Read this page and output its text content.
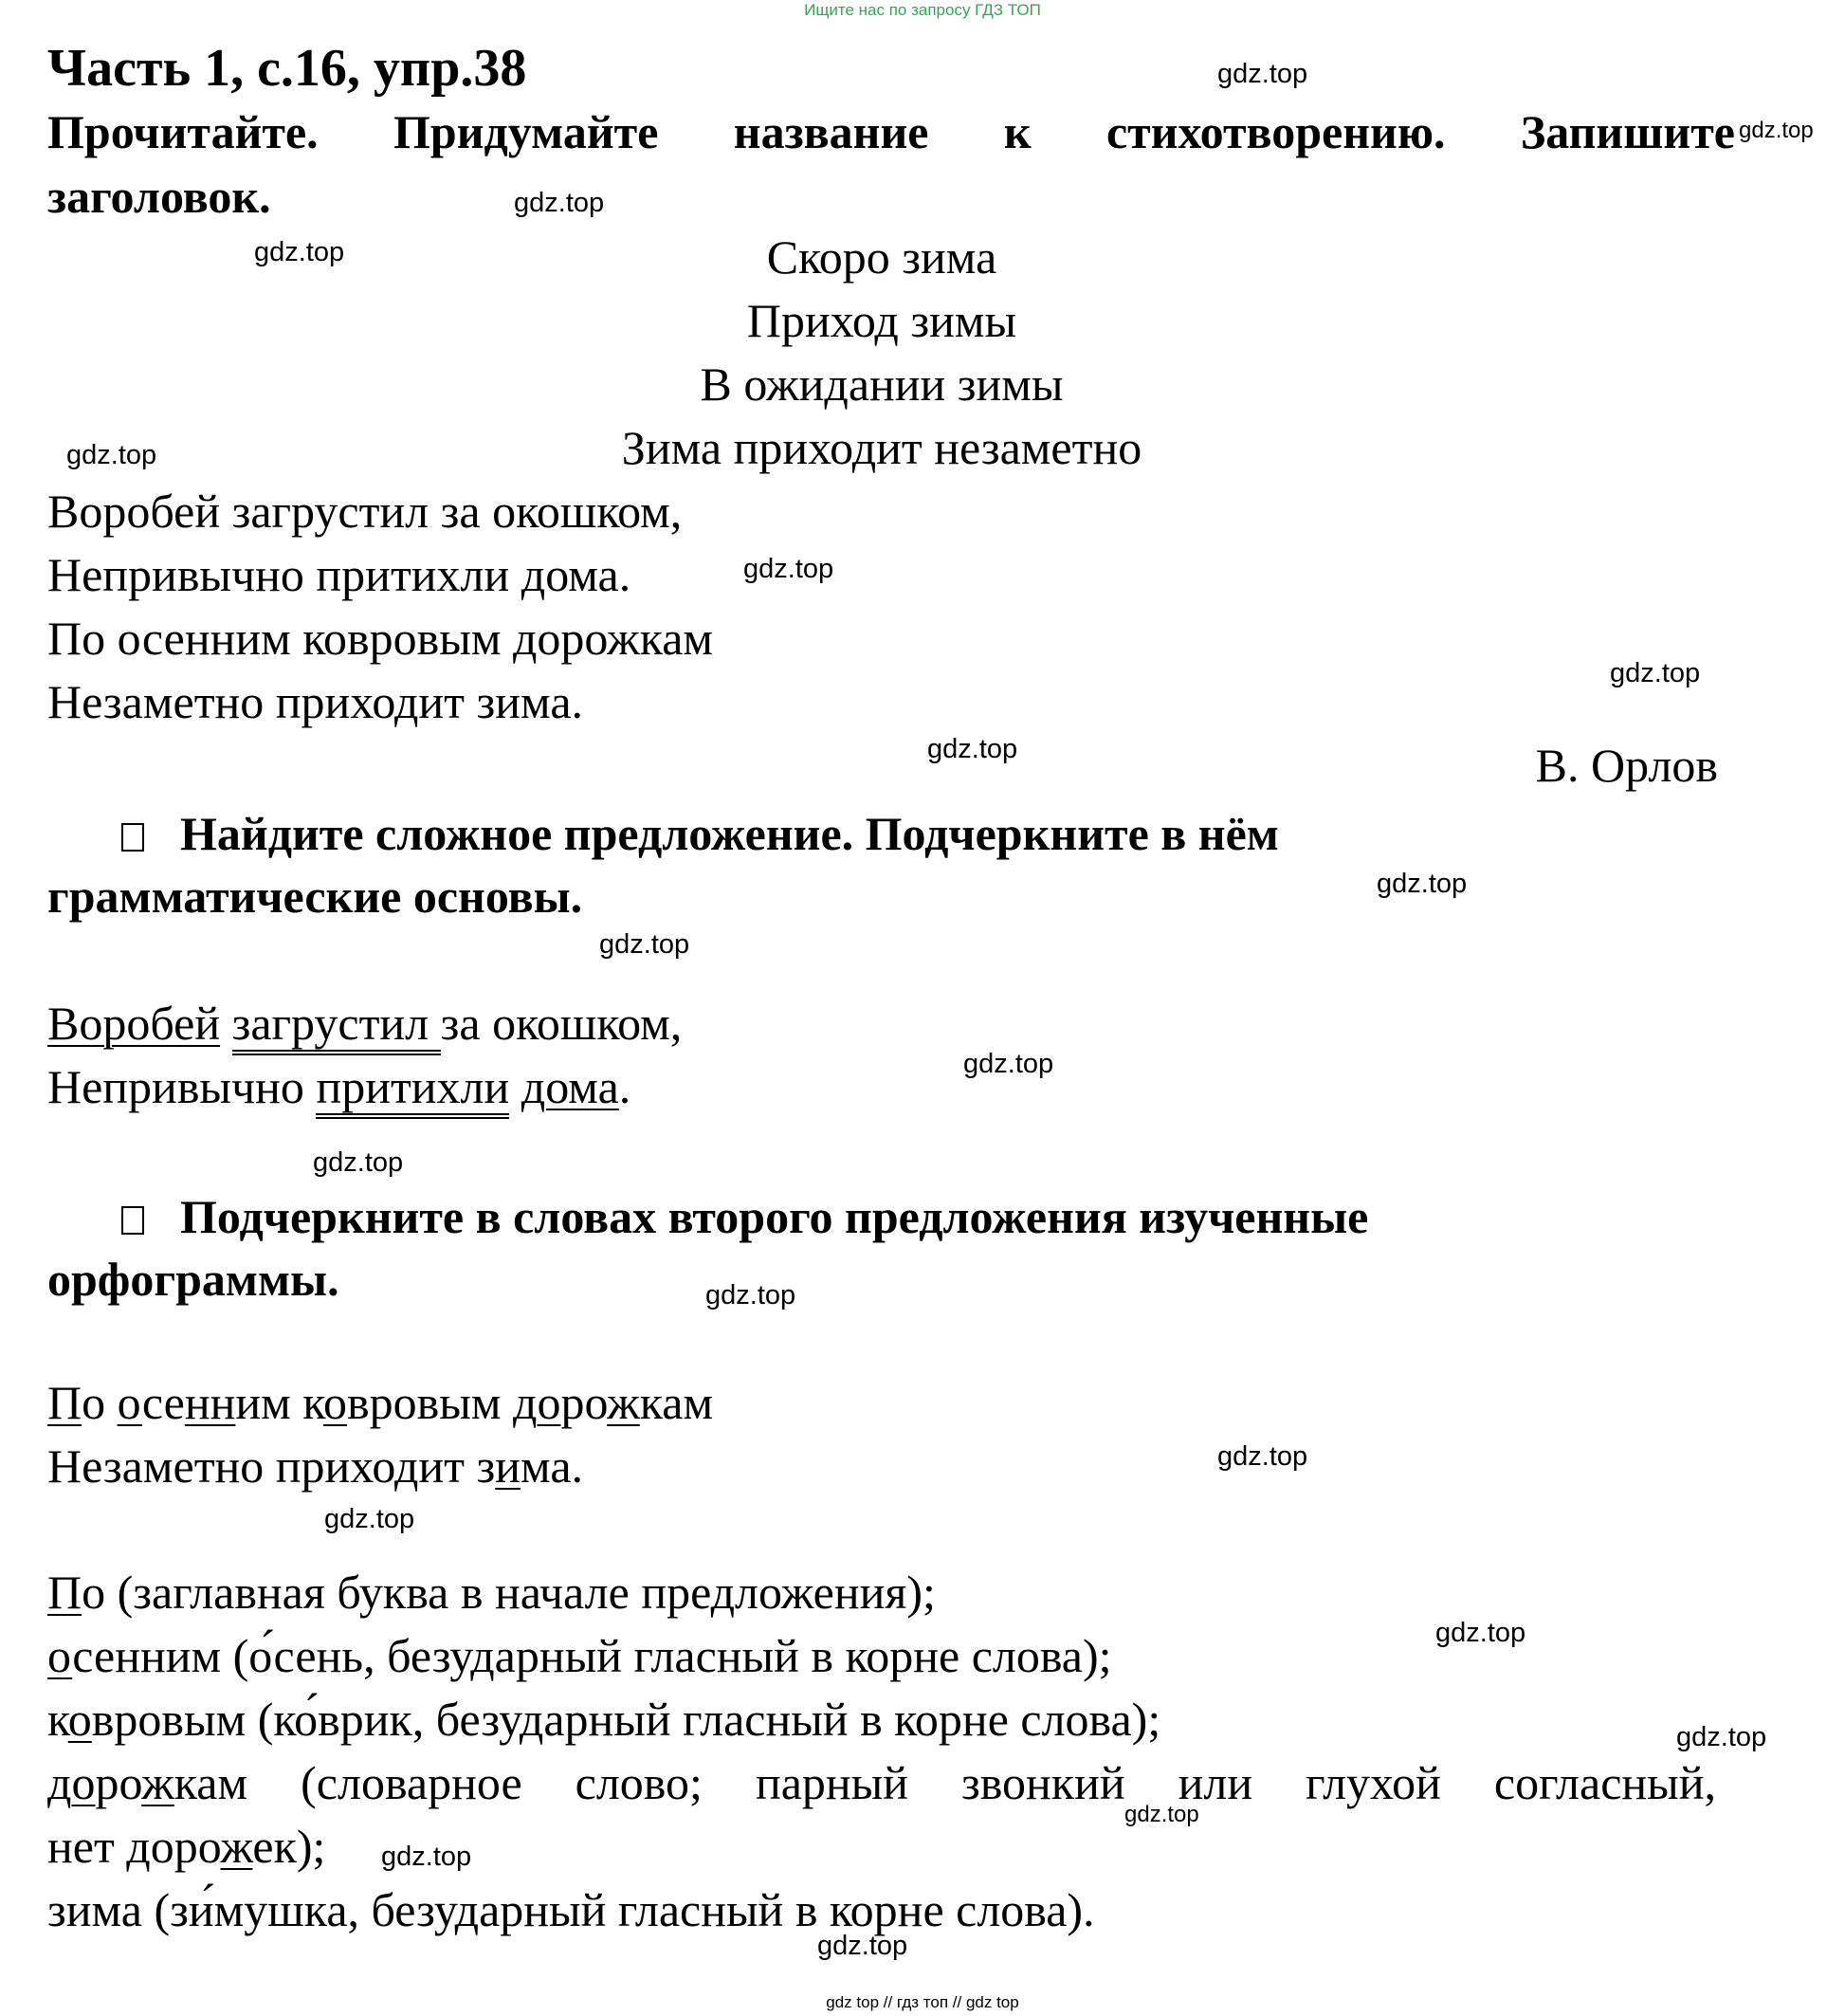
Ищите нас по запросу ГДЗ ТОП
Часть 1, с.16, упр.38
Прочитайте. Придумайте название к стихотворению. Запишите
заголовок.
Скоро зима
Приход зимы
В ожидании зимы
Зима приходит незаметно
Воробей загрустил за окошком,
Непривычно притихли дома.
По осенним ковровым дорожкам
Незаметно приходит зима.
В. Орлов
Найдите сложное предложение. Подчеркните в нём
грамматические основы.
Воробей загрустил за окошком,
Непривычно притихли дома.
Подчеркните в словах второго предложения изученные
орфограммы.
По осенним ковровым дорожкам
Незаметно приходит зима.
По (заглавная буква в начале предложения);
осенним (о́сень, безударный гласный в корне слова);
ковровым (ко́врик, безударный гласный в корне слова);
дорожкам (словарное слово; парный звонкий или глухой согласный,
нет дорожек);
зима (зи́мушка, безударный гласный в корне слова).
gdz.top
gdz.top
gdz.top
gdz.top
gdz.top
gdz.top
gdz.top
gdz.top
gdz.top
gdz.top
gdz.top
gdz.top
gdz.top
gdz.top
gdz.top
gdz.top
gdz.top
gdz.top
gdz.top
gdz.top
gdz top // гдз топ // gdz top
